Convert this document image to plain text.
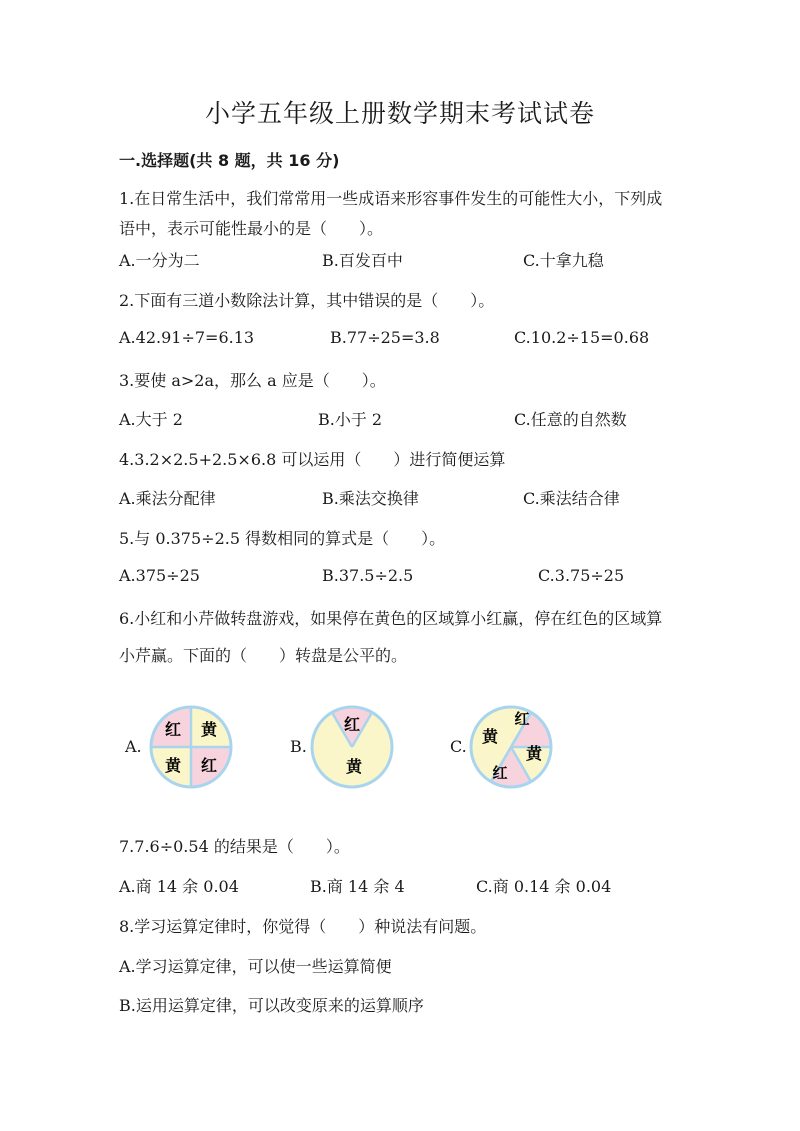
小学五年级上册数学期末考试试卷
一.选择题(共 8 题，共 16 分)
1.在日常生活中，我们常常用一些成语来形容事件发生的可能性大小，下列成
语中，表示可能性最小的是（　　）。
A.一分为二	B.百发百中	C.十拿九稳
2.下面有三道小数除法计算，其中错误的是（　　）。
A.42.91÷7=6.13	B.77÷25=3.8	C.10.2÷15=0.68
3.要使 a>2a，那么 a 应是（　　）。
A.大于 2	B.小于 2	C.任意的自然数
4.3.2×2.5+2.5×6.8 可以运用（　　）进行简便运算
A.乘法分配律	B.乘法交换律	C.乘法结合律
5.与 0.375÷2.5 得数相同的算式是（　　）。
A.375÷25	B.37.5÷2.5	C.3.75÷25
6.小红和小芹做转盘游戏，如果停在黄色的区域算小红赢，停在红色的区域算
小芹赢。下面的（　　）转盘是公平的。
A.
红 黄
黄 红
B.
红
黄
C.
红
黄
黄
红
7.7.6÷0.54 的结果是（　　）。
A.商 14 余 0.04	B.商 14 余 4	C.商 0.14 余 0.04
8.学习运算定律时，你觉得（　　）种说法有问题。
A.学习运算定律，可以使一些运算简便
B.运用运算定律，可以改变原来的运算顺序
